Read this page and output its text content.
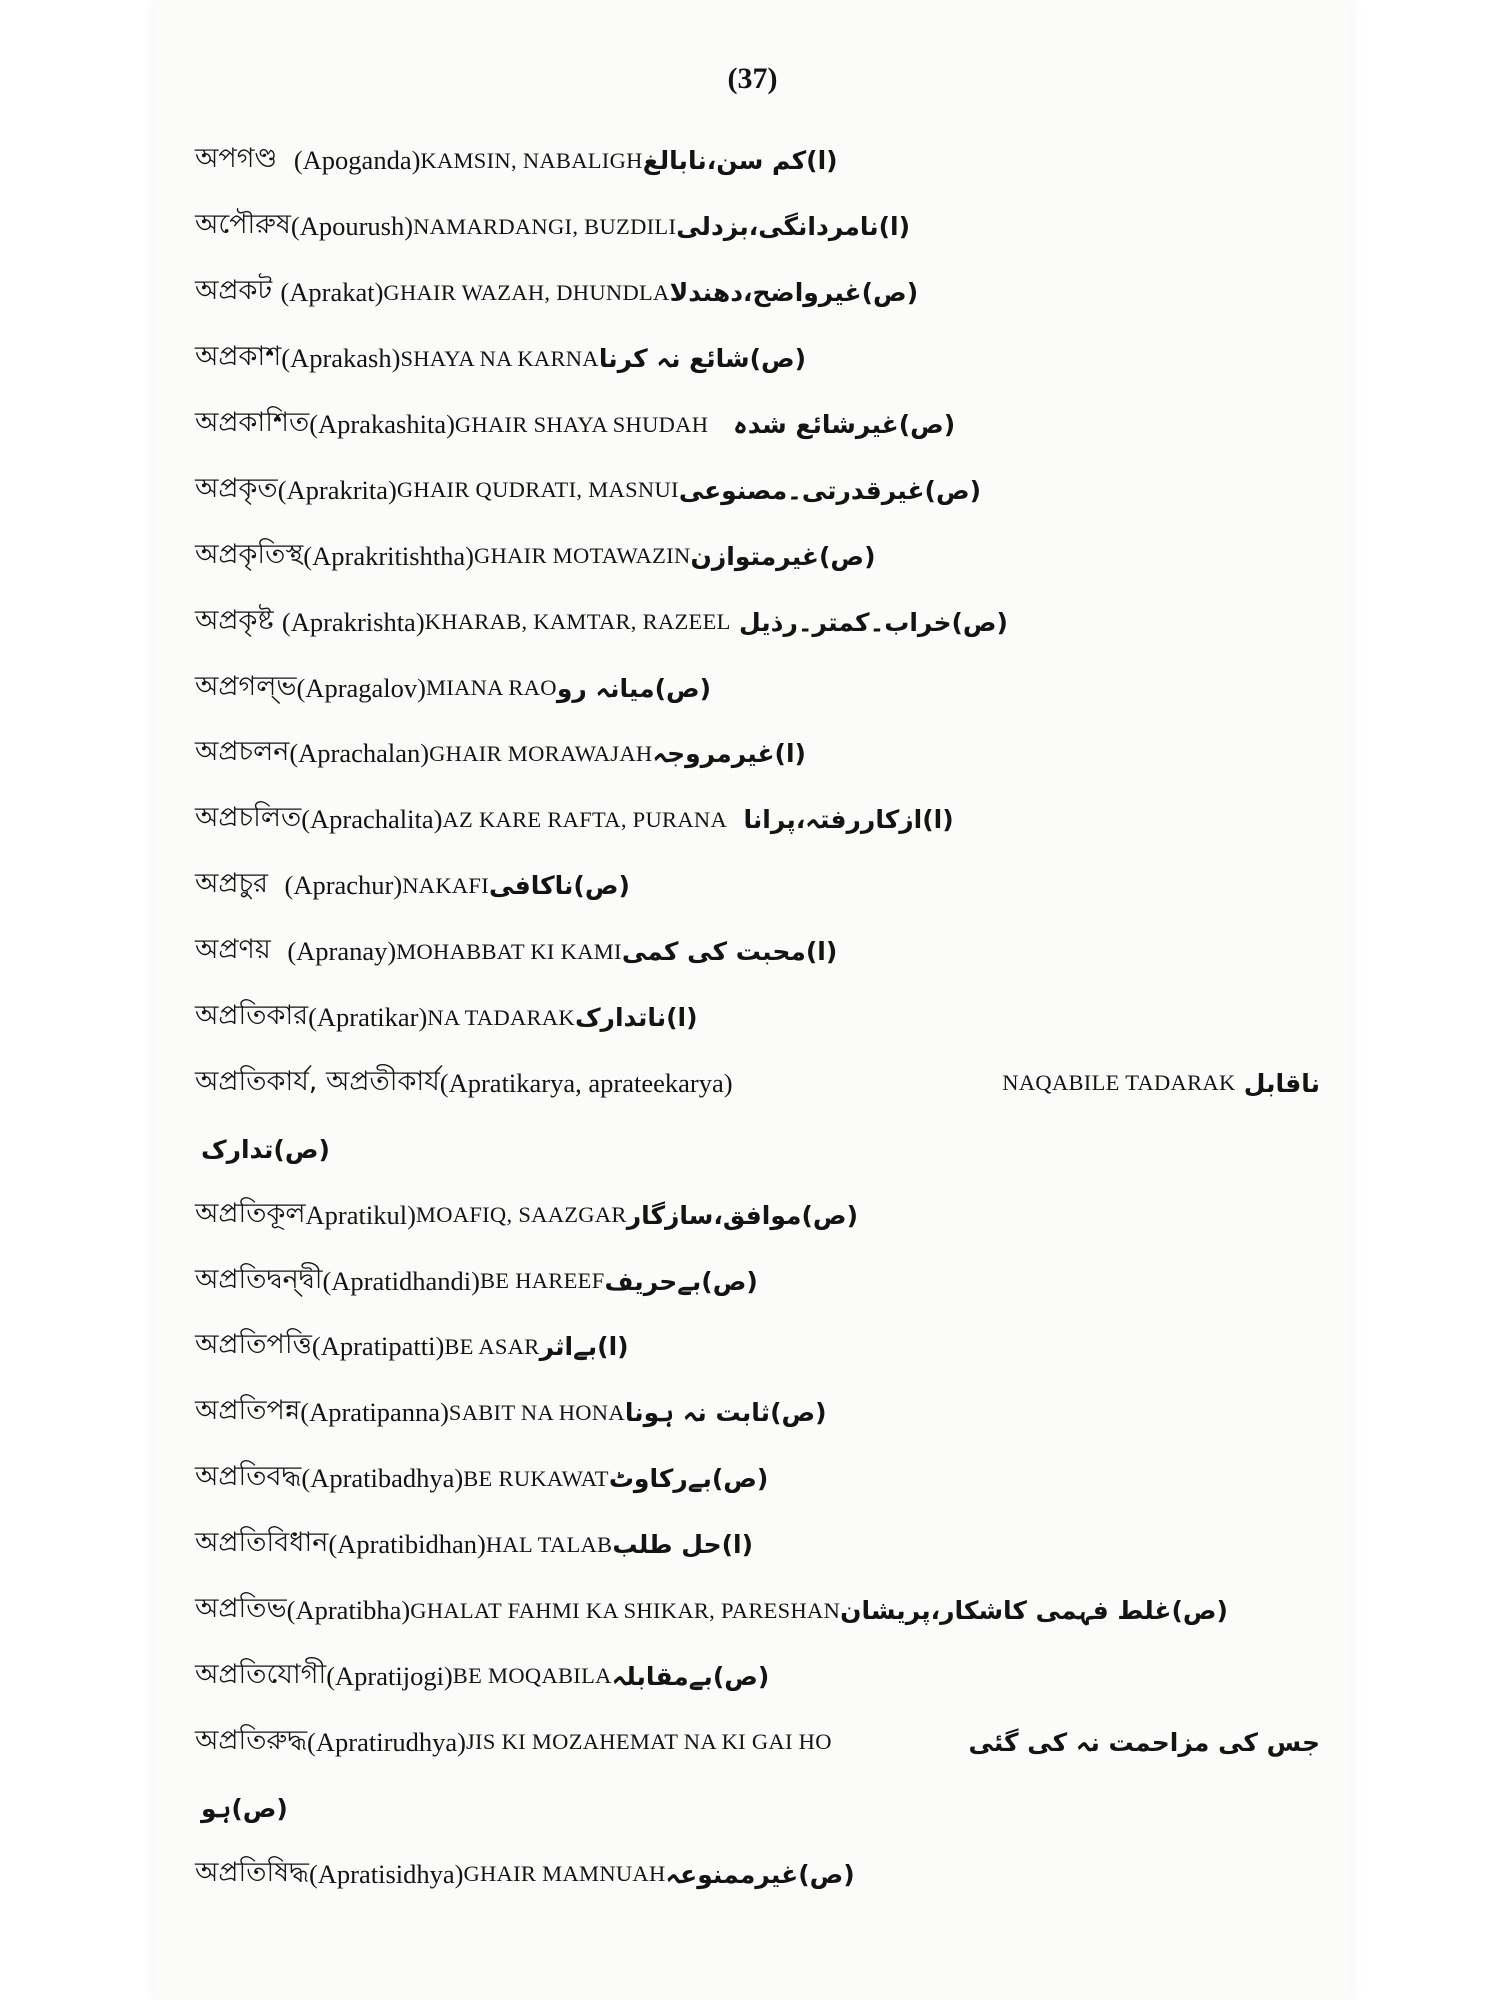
(37)
অপগণ্ড
(Apoganda) KAMSIN, NABALIGH (ا)کم سن،نابالغ
অপৌরুষ (Apourush) NAMARDANGI, BUZDILI (ا)نامردانگی،بزدلی
অপ্রকট
(Aprakat) GHAIR WAZAH, DHUNDLA (ص)غیرواضح،دھندلا
অপ্রকাশ (Aprakash) SHAYA NA KARNA (ص)شائع نہ کرنا
অপ্রকাশিত (Aprakashita) GHAIR SHAYA SHUDAH
(ص)غیرشائع شدہ
অপ্রকৃত (Aprakrita) GHAIR QUDRATI, MASNUI (ص)غیرقدرتی۔مصنوعی
অপ্রকৃতিস্থ (Aprakritishtha) GHAIR MOTAWAZIN (ص)غیرمتوازن
অপ্রকৃষ্ট
(Aprakrishta) KHARAB, KAMTAR, RAZEEL
(ص)خراب۔کمتر۔رذیل
অপ্রগল্ভ (Apragalov) MIANA RAO (ص)میانہ رو
অপ্রচলন (Aprachalan) GHAIR MORAWAJAH (ا)غیرمروجہ
অপ্রচলিত (Aprachalita) AZ KARE RAFTA, PURANA
(ا)ازکاررفتہ،پرانا
অপ্রচুর
(Aprachur) NAKAFI (ص)ناکافی
অপ্রণয়
(Apranay) MOHABBAT KI KAMI (ا)محبت کی کمی
অপ্রতিকার (Apratikar) NA TADARAK (ا)ناتدارک
অপ্রতিকার্য, অপ্রতীকার্য (Apratikarya, aprateekarya)	NAQABILE TADARAK
ناقابل
(ص)تدارک
অপ্রতিকূল Apratikul) MOAFIQ, SAAZGAR (ص)موافق،سازگار
অপ্রতিদ্বন্দ্বী (Apratidhandi) BE HAREEF (ص)بےحریف
অপ্রতিপত্তি (Apratipatti) BE ASAR (ا)بےاثر
অপ্রতিপন্ন (Apratipanna) SABIT NA HONA (ص)ثابت نہ ہونا
অপ্রতিবদ্ধ (Apratibadhya) BE RUKAWAT (ص)بےرکاوٹ
অপ্রতিবিধান (Apratibidhan) HAL TALAB (ا)حل طلب
অপ্রতিভ (Apratibha) GHALAT FAHMI KA SHIKAR, PARESHAN (ص)غلط فہمی کاشکار،پریشان
অপ্রতিযোগী (Apratijogi) BE MOQABILA (ص)بےمقابلہ
অপ্রতিরুদ্ধ (Apratirudhya) JIS KI MOZAHEMAT NA KI GAI HO	جس کی مزاحمت نہ کی گئی
(ص)ہو
অপ্রতিষিদ্ধ (Apratisidhya) GHAIR MAMNUAH (ص)غیرممنوعہ
